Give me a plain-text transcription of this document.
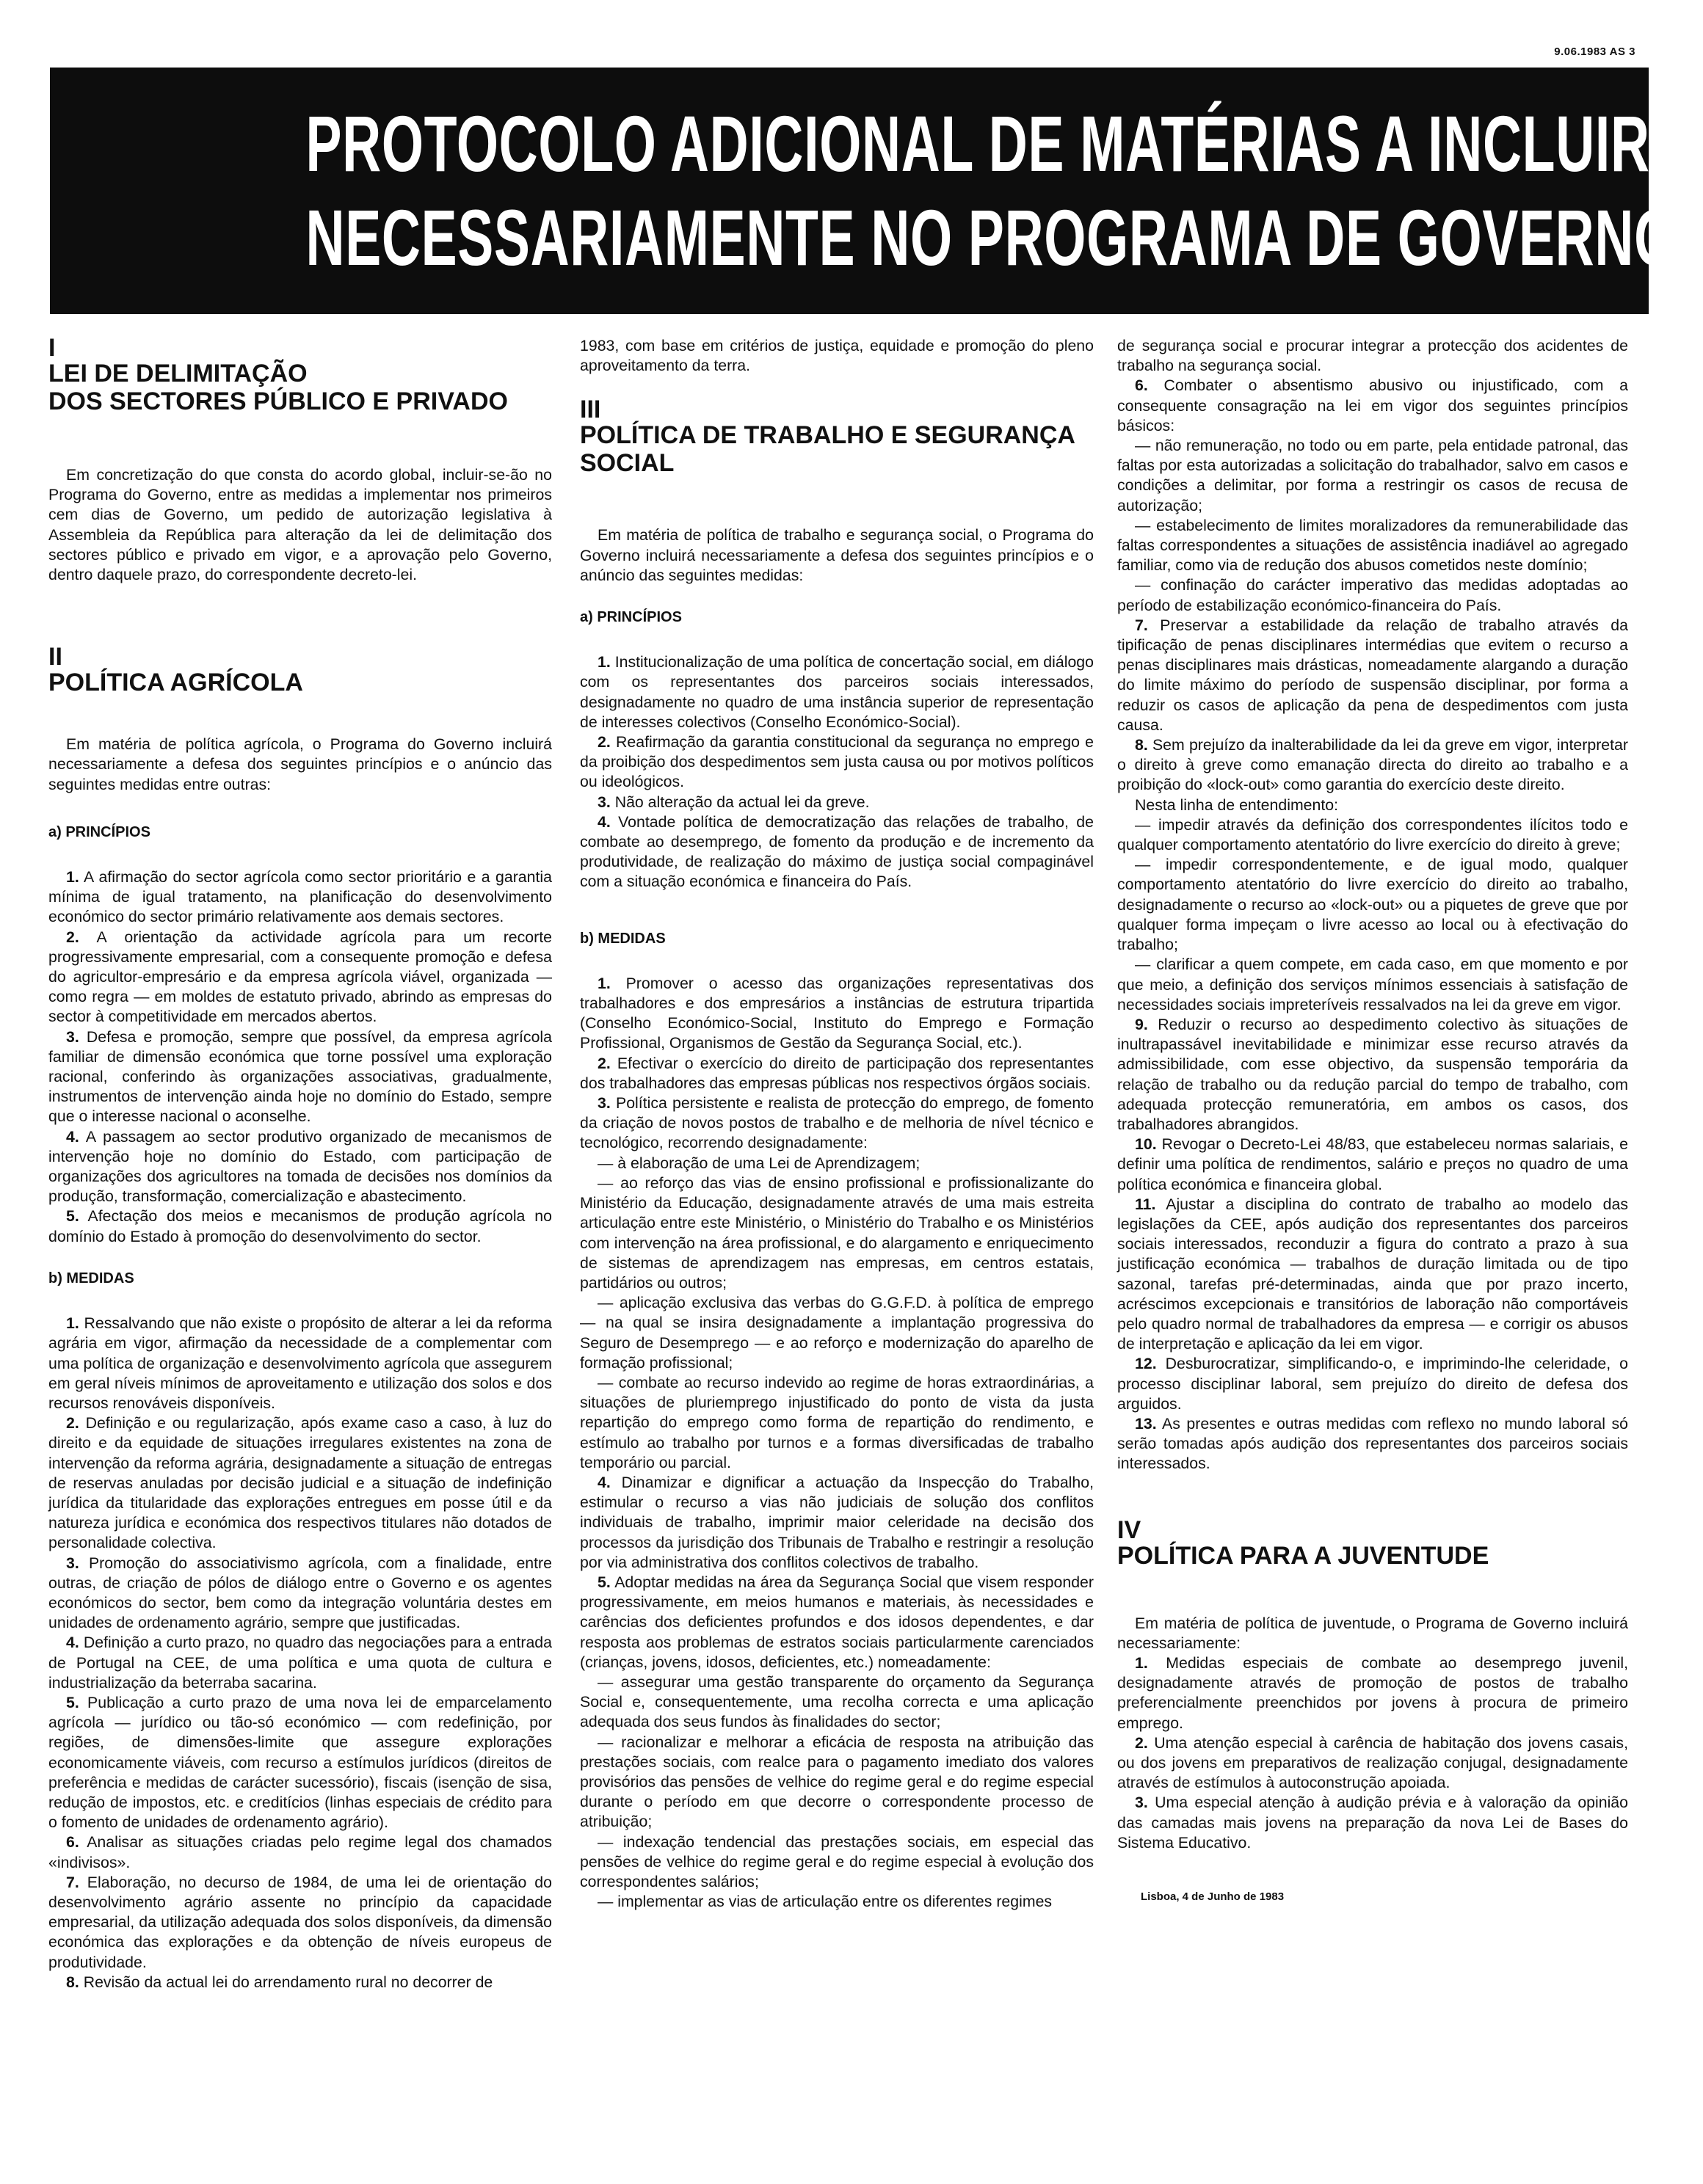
9.06.1983 AS 3
PROTOCOLO ADICIONAL DE MATÉRIAS A INCLUIR
NECESSARIAMENTE NO PROGRAMA DE GOVERNO

I

LEI DE DELIMITAÇÃO

DOS SECTORES PÚBLICO E PRIVADO

Em concretização do que consta do acordo global, incluir-se-ão no Programa do Governo, entre as medidas a implementar nos primeiros cem dias de Governo, um pedido de autorização legislativa à Assembleia da República para alteração da lei de delimitação dos sectores público e privado em vigor, e a aprovação pelo Governo, dentro daquele prazo, do correspondente decreto-lei.

II

POLÍTICA AGRÍCOLA

Em matéria de política agrícola, o Programa do Governo incluirá necessariamente a defesa dos seguintes princípios e o anúncio das seguintes medidas entre outras:

a) PRINCÍPIOS

1. A afirmação do sector agrícola como sector prioritário e a garantia mínima de igual tratamento, na planificação do desenvolvimento económico do sector primário relativamente aos demais sectores.

2. A orientação da actividade agrícola para um recorte progressivamente empresarial, com a consequente promoção e defesa do agricultor-empresário e da empresa agrícola viável, organizada — como regra — em moldes de estatuto privado, abrindo as empresas do sector à competitividade em mercados abertos.

3. Defesa e promoção, sempre que possível, da empresa agrícola familiar de dimensão económica que torne possível uma exploração racional, conferindo às organizações associativas, gradualmente, instrumentos de intervenção ainda hoje no domínio do Estado, sempre que o interesse nacional o aconselhe.

4. A passagem ao sector produtivo organizado de mecanismos de intervenção hoje no domínio do Estado, com participação de organizações dos agricultores na tomada de decisões nos domínios da produção, transformação, comercialização e abastecimento.

5. Afectação dos meios e mecanismos de produção agrícola no domínio do Estado à promoção do desenvolvimento do sector.

b) MEDIDAS

1. Ressalvando que não existe o propósito de alterar a lei da reforma agrária em vigor, afirmação da necessidade de a complementar com uma política de organização e desenvolvimento agrícola que assegurem em geral níveis mínimos de aproveitamento e utilização dos solos e dos recursos renováveis disponíveis.

2. Definição e ou regularização, após exame caso a caso, à luz do direito e da equidade de situações irregulares existentes na zona de intervenção da reforma agrária, designadamente a situação de entregas de reservas anuladas por decisão judicial e a situação de indefinição jurídica da titularidade das explorações entregues em posse útil e da natureza jurídica e económica dos respectivos titulares não dotados de personalidade colectiva.

3. Promoção do associativismo agrícola, com a finalidade, entre outras, de criação de pólos de diálogo entre o Governo e os agentes económicos do sector, bem como da integração voluntária destes em unidades de ordenamento agrário, sempre que justificadas.

4. Definição a curto prazo, no quadro das negociações para a entrada de Portugal na CEE, de uma política e uma quota de cultura e industrialização da beterraba sacarina.

5. Publicação a curto prazo de uma nova lei de emparcelamento agrícola — jurídico ou tão-só económico — com redefinição, por regiões, de dimensões-limite que assegure explorações economicamente viáveis, com recurso a estímulos jurídicos (direitos de preferência e medidas de carácter sucessório), fiscais (isenção de sisa, redução de impostos, etc. e creditícios (linhas especiais de crédito para o fomento de unidades de ordenamento agrário).

6. Analisar as situações criadas pelo regime legal dos chamados «indivisos».

7. Elaboração, no decurso de 1984, de uma lei de orientação do desenvolvimento agrário assente no princípio da capacidade empresarial, da utilização adequada dos solos disponíveis, da dimensão económica das explorações e da obtenção de níveis europeus de produtividade.

8. Revisão da actual lei do arrendamento rural no decorrer de

1983, com base em critérios de justiça, equidade e promoção do pleno aproveitamento da terra.

III

POLÍTICA DE TRABALHO E SEGURANÇA

SOCIAL

Em matéria de política de trabalho e segurança social, o Programa do Governo incluirá necessariamente a defesa dos seguintes princípios e o anúncio das seguintes medidas:

a) PRINCÍPIOS

1. Institucionalização de uma política de concertação social, em diálogo com os representantes dos parceiros sociais interessados, designadamente no quadro de uma instância superior de representação de interesses colectivos (Conselho Económico-Social).

2. Reafirmação da garantia constitucional da segurança no emprego e da proibição dos despedimentos sem justa causa ou por motivos políticos ou ideológicos.

3. Não alteração da actual lei da greve.

4. Vontade política de democratização das relações de trabalho, de combate ao desemprego, de fomento da produção e de incremento da produtividade, de realização do máximo de justiça social compaginável com a situação económica e financeira do País.

b) MEDIDAS

1. Promover o acesso das organizações representativas dos trabalhadores e dos empresários a instâncias de estrutura tripartida (Conselho Económico-Social, Instituto do Emprego e Formação Profissional, Organismos de Gestão da Segurança Social, etc.).

2. Efectivar o exercício do direito de participação dos representantes dos trabalhadores das empresas públicas nos respectivos órgãos sociais.

3. Política persistente e realista de protecção do emprego, de fomento da criação de novos postos de trabalho e de melhoria de nível técnico e tecnológico, recorrendo designadamente:

— à elaboração de uma Lei de Aprendizagem;

— ao reforço das vias de ensino profissional e profissionalizante do Ministério da Educação, designadamente através de uma mais estreita articulação entre este Ministério, o Ministério do Trabalho e os Ministérios com intervenção na área profissional, e do alargamento e enriquecimento de sistemas de aprendizagem nas empresas, em centros estatais, partidários ou outros;

— aplicação exclusiva das verbas do G.G.F.D. à política de emprego — na qual se insira designadamente a implantação progressiva do Seguro de Desemprego — e ao reforço e modernização do aparelho de formação profissional;

— combate ao recurso indevido ao regime de horas extraordinárias, a situações de pluriemprego injustificado do ponto de vista da justa repartição do emprego como forma de repartição do rendimento, e estímulo ao trabalho por turnos e a formas diversificadas de trabalho temporário ou parcial.

4. Dinamizar e dignificar a actuação da Inspecção do Trabalho, estimular o recurso a vias não judiciais de solução dos conflitos individuais de trabalho, imprimir maior celeridade na decisão dos processos da jurisdição dos Tribunais de Trabalho e restringir a resolução por via administrativa dos conflitos colectivos de trabalho.

5. Adoptar medidas na área da Segurança Social que visem responder progressivamente, em meios humanos e materiais, às necessidades e carências dos deficientes profundos e dos idosos dependentes, e dar resposta aos problemas de estratos sociais particularmente carenciados (crianças, jovens, idosos, deficientes, etc.) nomeadamente:

— assegurar uma gestão transparente do orçamento da Segurança Social e, consequentemente, uma recolha correcta e uma aplicação adequada dos seus fundos às finalidades do sector;

— racionalizar e melhorar a eficácia de resposta na atribuição das prestações sociais, com realce para o pagamento imediato dos valores provisórios das pensões de velhice do regime geral e do regime especial durante o período em que decorre o correspondente processo de atribuição;

— indexação tendencial das prestações sociais, em especial das pensões de velhice do regime geral e do regime especial à evolução dos correspondentes salários;

— implementar as vias de articulação entre os diferentes regimes

de segurança social e procurar integrar a protecção dos acidentes de trabalho na segurança social.

6. Combater o absentismo abusivo ou injustificado, com a consequente consagração na lei em vigor dos seguintes princípios básicos:

— não remuneração, no todo ou em parte, pela entidade patronal, das faltas por esta autorizadas a solicitação do trabalhador, salvo em casos e condições a delimitar, por forma a restringir os casos de recusa de autorização;

— estabelecimento de limites moralizadores da remunerabilidade das faltas correspondentes a situações de assistência inadiável ao agregado familiar, como via de redução dos abusos cometidos neste domínio;

— confinação do carácter imperativo das medidas adoptadas ao período de estabilização económico-financeira do País.

7. Preservar a estabilidade da relação de trabalho através da tipificação de penas disciplinares intermédias que evitem o recurso a penas disciplinares mais drásticas, nomeadamente alargando a duração do limite máximo do período de suspensão disciplinar, por forma a reduzir os casos de aplicação da pena de despedimentos com justa causa.

8. Sem prejuízo da inalterabilidade da lei da greve em vigor, interpretar o direito à greve como emanação directa do direito ao trabalho e a proibição do «lock-out» como garantia do exercício deste direito.

Nesta linha de entendimento:

— impedir através da definição dos correspondentes ilícitos todo e qualquer comportamento atentatório do livre exercício do direito à greve;

— impedir correspondentemente, e de igual modo, qualquer comportamento atentatório do livre exercício do direito ao trabalho, designadamente o recurso ao «lock-out» ou a piquetes de greve que por qualquer forma impeçam o livre acesso ao local ou à efectivação do trabalho;

— clarificar a quem compete, em cada caso, em que momento e por que meio, a definição dos serviços mínimos essenciais à satisfação de necessidades sociais impreteríveis ressalvados na lei da greve em vigor.

9. Reduzir o recurso ao despedimento colectivo às situações de inultrapassável inevitabilidade e minimizar esse recurso através da admissibilidade, com esse objectivo, da suspensão temporária da relação de trabalho ou da redução parcial do tempo de trabalho, com adequada protecção remuneratória, em ambos os casos, dos trabalhadores abrangidos.

10. Revogar o Decreto-Lei 48/83, que estabeleceu normas salariais, e definir uma política de rendimentos, salário e preços no quadro de uma política económica e financeira global.

11. Ajustar a disciplina do contrato de trabalho ao modelo das legislações da CEE, após audição dos representantes dos parceiros sociais interessados, reconduzir a figura do contrato a prazo à sua justificação económica — trabalhos de duração limitada ou de tipo sazonal, tarefas pré-determinadas, ainda que por prazo incerto, acréscimos excepcionais e transitórios de laboração não comportáveis pelo quadro normal de trabalhadores da empresa — e corrigir os abusos de interpretação e aplicação da lei em vigor.

12. Desburocratizar, simplificando-o, e imprimindo-lhe celeridade, o processo disciplinar laboral, sem prejuízo do direito de defesa dos arguidos.

13. As presentes e outras medidas com reflexo no mundo laboral só serão tomadas após audição dos representantes dos parceiros sociais interessados.

IV

POLÍTICA PARA A JUVENTUDE

Em matéria de política de juventude, o Programa de Governo incluirá necessariamente:

1. Medidas especiais de combate ao desemprego juvenil, designadamente através de promoção de postos de trabalho preferencialmente preenchidos por jovens à procura de primeiro emprego.

2. Uma atenção especial à carência de habitação dos jovens casais, ou dos jovens em preparativos de realização conjugal, designadamente através de estímulos à autoconstrução apoiada.

3. Uma especial atenção à audição prévia e à valoração da opinião das camadas mais jovens na preparação da nova Lei de Bases do Sistema Educativo.

Lisboa, 4 de Junho de 1983
